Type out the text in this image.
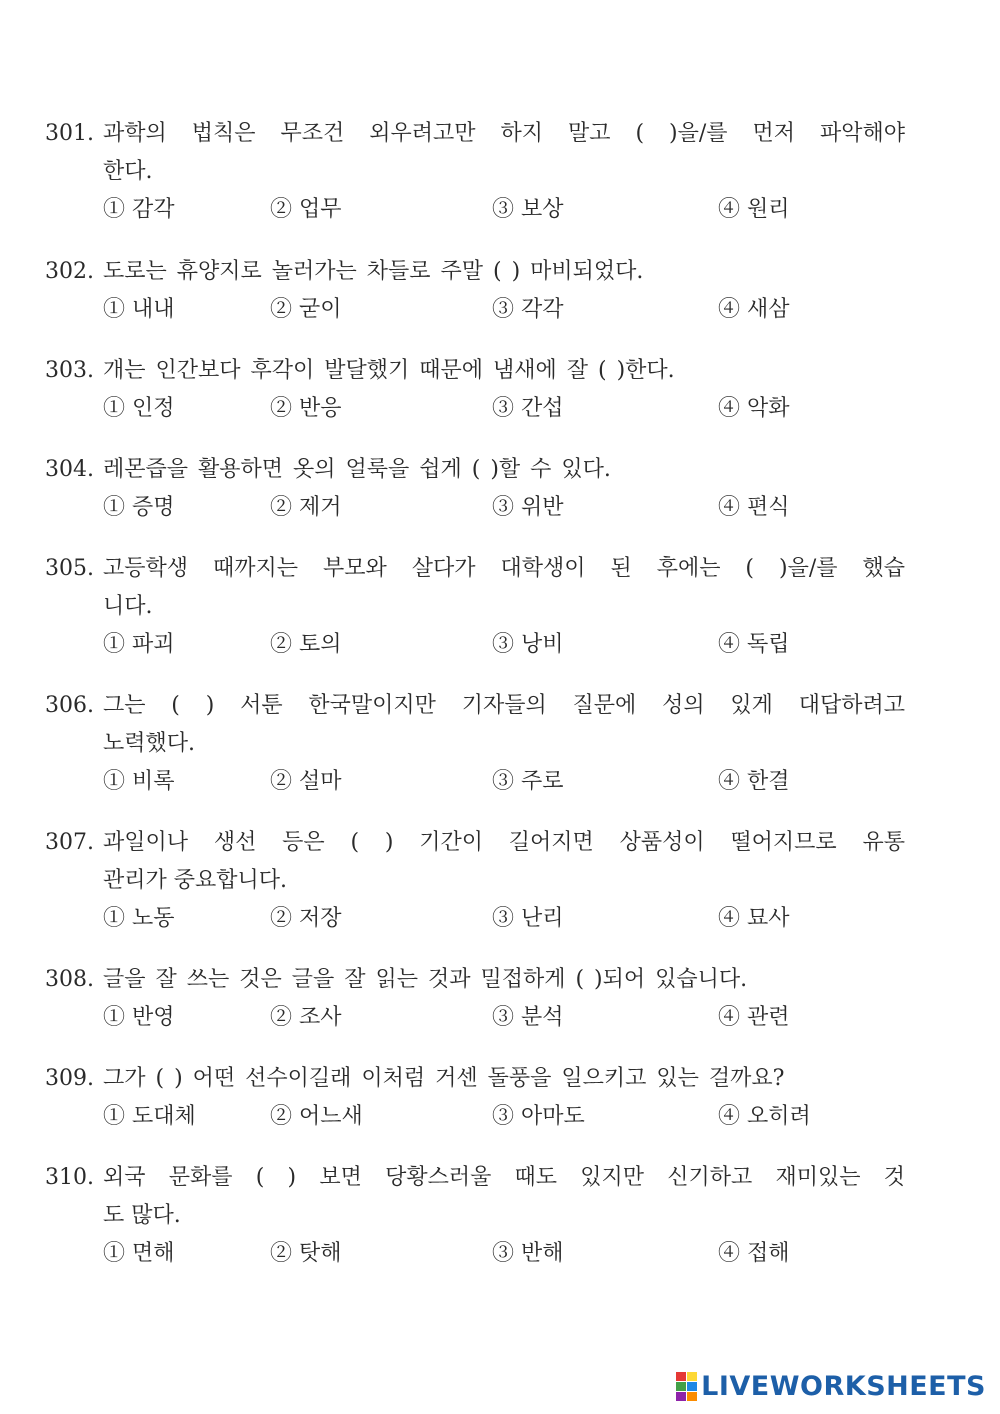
301. 과학의 법칙은 무조건 외우려고만 하지 말고 ( )을/를 먼저 파악해야
한다.
① 감각	② 업무	③ 보상	④ 원리
302. 도로는 휴양지로 놀러가는 차들로 주말 ( ) 마비되었다.
① 내내	② 굳이	③ 각각	④ 새삼
303. 개는 인간보다 후각이 발달했기 때문에 냄새에 잘 ( )한다.
① 인정	② 반응	③ 간섭	④ 악화
304. 레몬즙을 활용하면 옷의 얼룩을 쉽게 ( )할 수 있다.
① 증명	② 제거	③ 위반	④ 편식
305. 고등학생 때까지는 부모와 살다가 대학생이 된 후에는 ( )을/를 했습
니다.
① 파괴	② 토의	③ 낭비	④ 독립
306. 그는 ( ) 서툰 한국말이지만 기자들의 질문에 성의 있게 대답하려고
노력했다.
① 비록	② 설마	③ 주로	④ 한결
307. 과일이나 생선 등은 ( ) 기간이 길어지면 상품성이 떨어지므로 유통
관리가 중요합니다.
① 노동	② 저장	③ 난리	④ 묘사
308. 글을 잘 쓰는 것은 글을 잘 읽는 것과 밀접하게 ( )되어 있습니다.
① 반영	② 조사	③ 분석	④ 관련
309. 그가 ( ) 어떤 선수이길래 이처럼 거센 돌풍을 일으키고 있는 걸까요?
① 도대체	② 어느새	③ 아마도	④ 오히려
310. 외국 문화를 ( ) 보면 당황스러울 때도 있지만 신기하고 재미있는 것
도 많다.
① 면해	② 탓해	③ 반해	④ 접해
LIVEWORKSHEETS
